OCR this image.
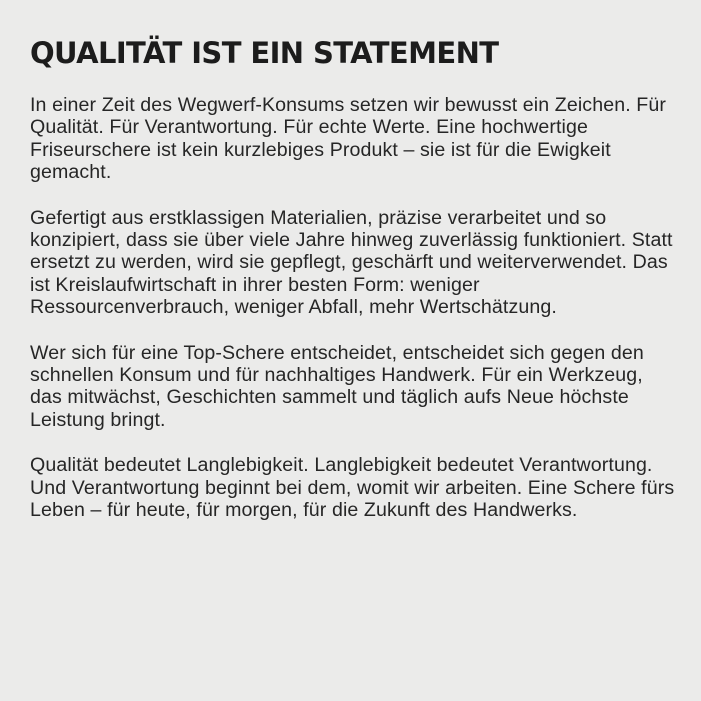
QUALITÄT IST EIN STATEMENT

In einer Zeit des Wegwerf-Konsums setzen wir bewusst ein Zeichen. Für Qualität. Für Verantwortung. Für echte Werte. Eine hochwertige Friseurschere ist kein kurzlebiges Produkt – sie ist für die Ewigkeit gemacht.

Gefertigt aus erstklassigen Materialien, präzise verarbeitet und so konzipiert, dass sie über viele Jahre hinweg zuverlässig funktioniert. Statt ersetzt zu werden, wird sie gepflegt, geschärft und weiterverwendet. Das ist Kreislaufwirtschaft in ihrer besten Form: weniger Ressourcenverbrauch, weniger Abfall, mehr Wertschätzung.

Wer sich für eine Top-Schere entscheidet, entscheidet sich gegen den schnellen Konsum und für nachhaltiges Handwerk. Für ein Werkzeug, das mitwächst, Geschichten sammelt und täglich aufs Neue höchste Leistung bringt.

Qualität bedeutet Langlebigkeit. Langlebigkeit bedeutet Verantwortung. Und Verantwortung beginnt bei dem, womit wir arbeiten. Eine Schere fürs Leben – für heute, für morgen, für die Zukunft des Handwerks.
